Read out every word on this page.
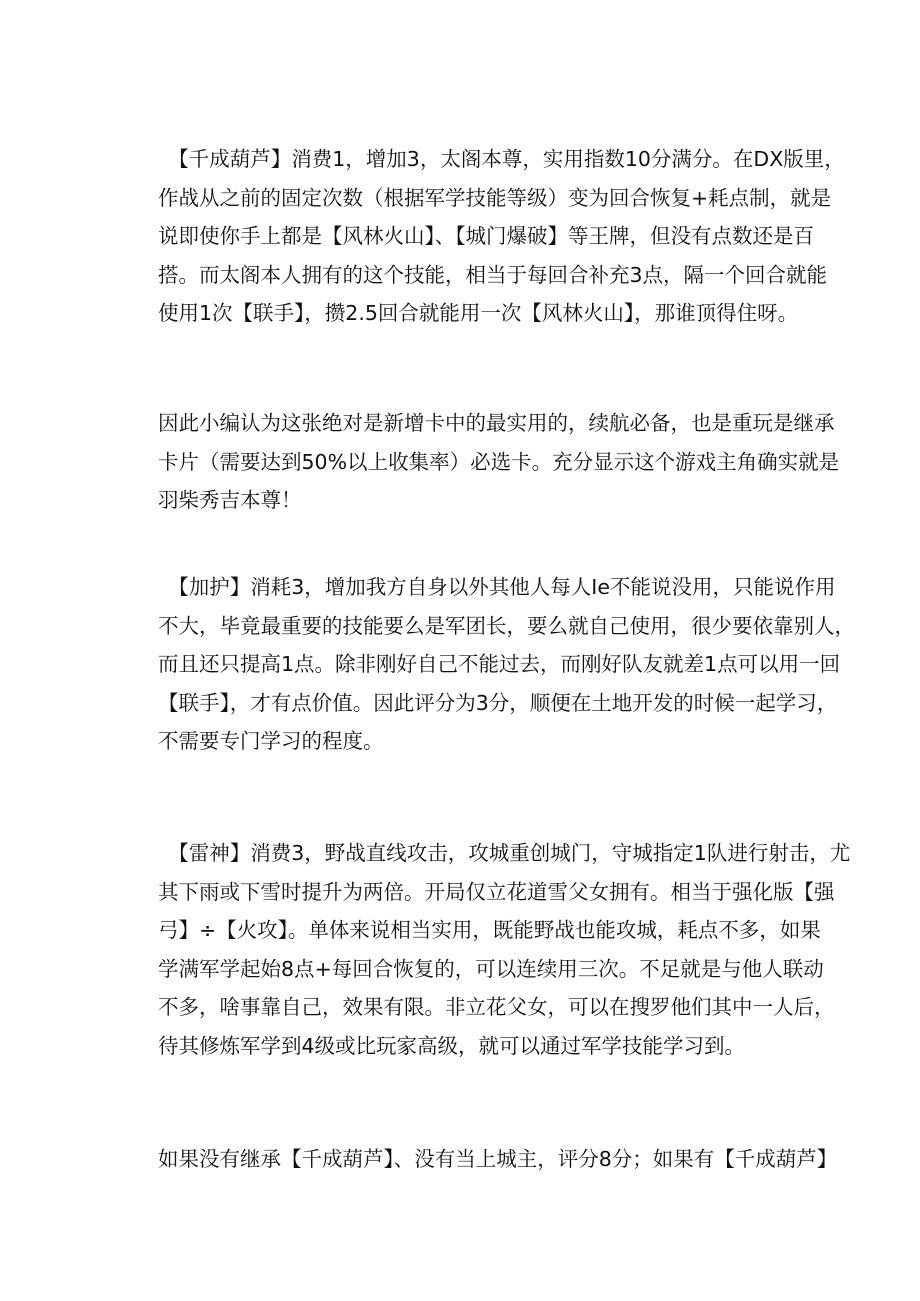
　【千成葫芦】消费1，增加3，太阁本尊，实用指数10分满分。在DX版里，
作战从之前的固定次数（根据军学技能等级）变为回合恢复+耗点制，就是
说即使你手上都是【风林火山】、【城门爆破】等王牌，但没有点数还是百
搭。而太阁本人拥有的这个技能，相当于每回合补充3点，隔一个回合就能
使用1次【联手】，攒2.5回合就能用一次【风林火山】，那谁顶得住呀。

因此小编认为这张绝对是新增卡中的最实用的，续航必备，也是重玩是继承
卡片（需要达到50%以上收集率）必选卡。充分显示这个游戏主角确实就是
羽柴秀吉本尊！

　【加护】消耗3，增加我方自身以外其他人每人Ie不能说没用，只能说作用
不大，毕竟最重要的技能要么是军团长，要么就自己使用，很少要依靠别人，
而且还只提高1点。除非刚好自己不能过去，而刚好队友就差1点可以用一回
【联手】，才有点价值。因此评分为3分，顺便在土地开发的时候一起学习，
不需要专门学习的程度。

　【雷神】消费3，野战直线攻击，攻城重创城门，守城指定1队进行射击，尤
其下雨或下雪时提升为两倍。开局仅立花道雪父女拥有。相当于强化版【强
弓】÷【火攻】。单体来说相当实用，既能野战也能攻城，耗点不多，如果
学满军学起始8点+每回合恢复的，可以连续用三次。不足就是与他人联动
不多，啥事靠自己，效果有限。非立花父女，可以在搜罗他们其中一人后，
待其修炼军学到4级或比玩家高级，就可以通过军学技能学习到。

如果没有继承【千成葫芦】、没有当上城主，评分8分；如果有【千成葫芦】
